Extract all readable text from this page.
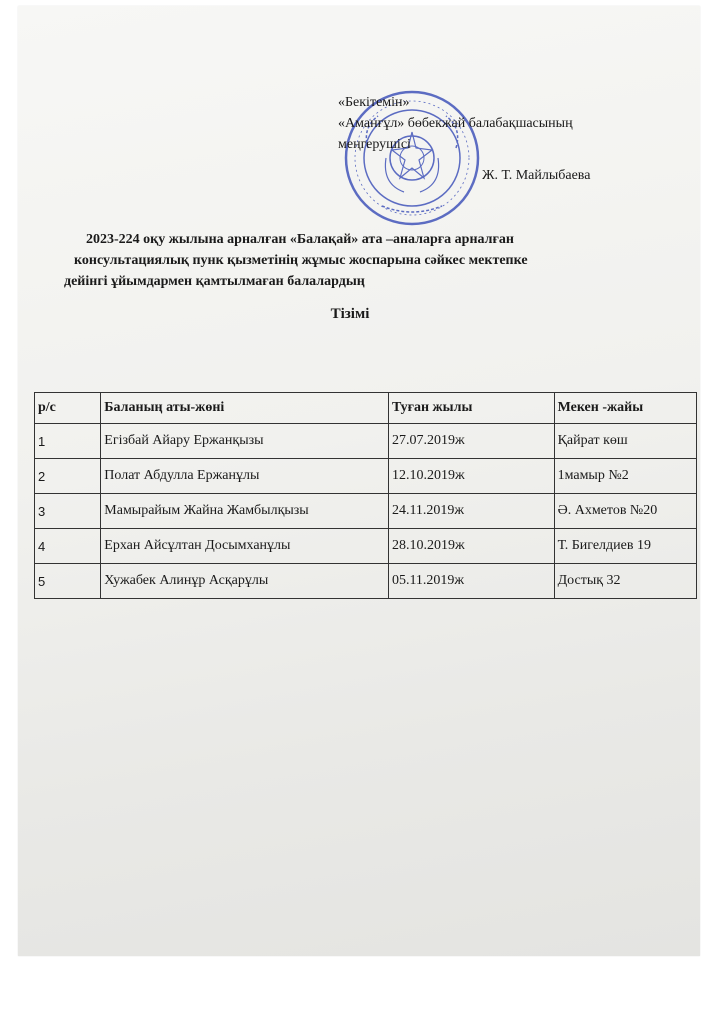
«Бекітемін»
«Аманғұл» бөбекжай балабақшасының
меңгерушісі
Ж. Т. Майлыбаева
2023-224 оқу жылына арналған «Балақай» ата –аналарға арналған
консультациялық пунк қызметінің жұмыс жоспарына сәйкес мектепке
дейінгі ұйымдармен қамтылмаған балалардың
Тізімі
р/с	Баланың аты-жөні	Туған жылы	Мекен -жайы
1	Егізбай Айару Ержанқызы	27.07.2019ж	Қайрат көш
2	Полат Абдулла Ержанұлы	12.10.2019ж	1мамыр №2
3	Мамырайым Жайна Жамбылқызы	24.11.2019ж	Ә. Ахметов №20
4	Ерхан Айсұлтан Досымханұлы	28.10.2019ж	Т. Бигелдиев 19
5	Хужабек Алинұр Асқарұлы	05.11.2019ж	Достық 32
